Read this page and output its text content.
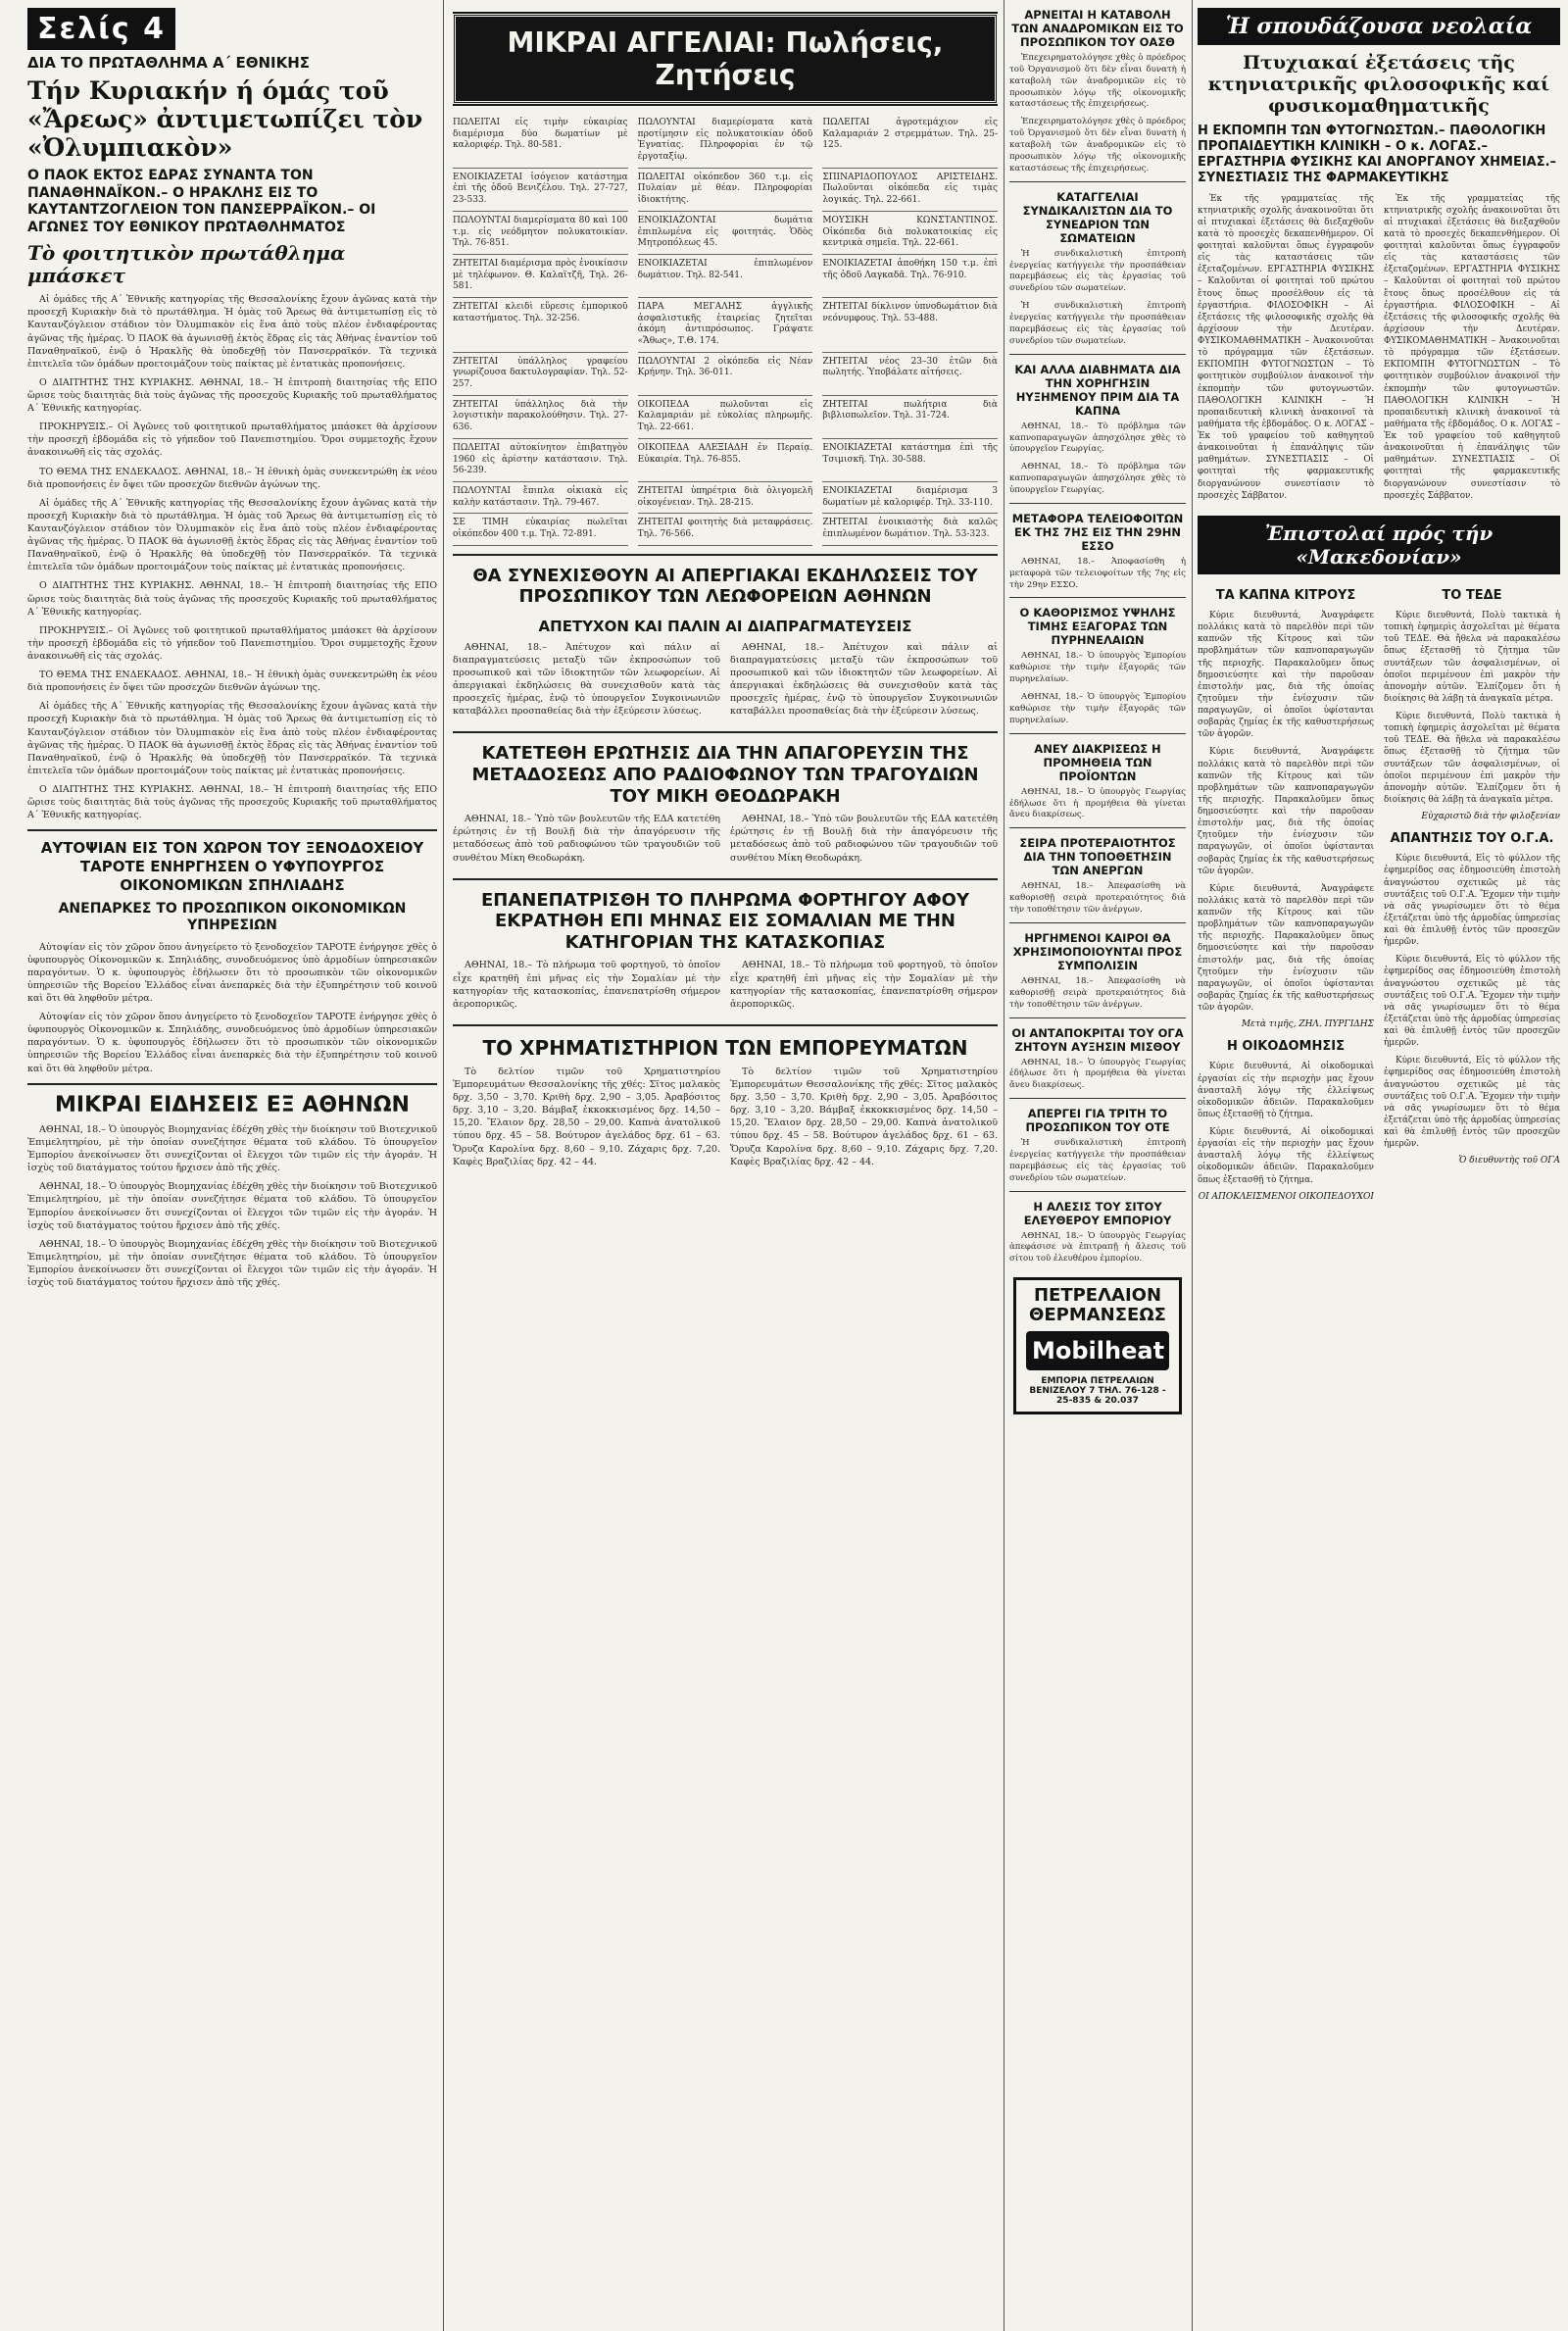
Σελίς 4
ΔΙΑ ΤΟ ΠΡΩΤΑΘΛΗΜΑ Α΄ ΕΘΝΙΚΗΣ
Τήν Κυριακήν ή όμάς τοῦ «Ἄρεως» ἀντιμετωπίζει τὸν «Ὀλυμπιακὸν»
Ο ΠΑΟΚ ΕΚΤΟΣ ΕΔΡΑΣ ΣΥΝΑΝΤΑ ΤΟΝ ΠΑΝΑΘΗΝΑΪΚΟΝ.– Ο ΗΡΑΚΛΗΣ ΕΙΣ ΤΟ ΚΑΥΤΑΝΤΖΟΓΛΕΙΟΝ ΤΟΝ ΠΑΝΣΕΡΡΑΪΚΟΝ.– ΟΙ ΑΓΩΝΕΣ ΤΟΥ ΕΘΝΙΚΟΥ ΠΡΩΤΑΘΛΗΜΑΤΟΣ
Τὸ φοιτητικὸν πρωτάθλημα μπάσκετ

Αἱ ὁμάδες τῆς Α΄ Ἐθνικῆς κατηγορίας τῆς Θεσσαλονίκης ἔχουν ἀγῶνας κατὰ τὴν προσεχῆ Κυριακὴν διὰ τὸ πρωτάθλημα. Ἡ ὁμὰς τοῦ Ἄρεως θὰ ἀντιμετωπίσῃ εἰς τὸ Καυτανζόγλειον στάδιον τὸν Ὀλυμπιακὸν εἰς ἕνα ἀπὸ τοὺς πλέον ἐνδιαφέροντας ἀγῶνας τῆς ἡμέρας. Ὁ ΠΑΟΚ θὰ ἀγωνισθῇ ἐκτὸς ἕδρας εἰς τὰς Ἀθήνας ἐναντίον τοῦ Παναθηναϊκοῦ, ἐνῷ ὁ Ἡρακλῆς θὰ ὑποδεχθῇ τὸν Πανσερραϊκόν. Τὰ τεχνικὰ ἐπιτελεῖα τῶν ὁμάδων προετοιμάζουν τοὺς παίκτας μὲ ἐντατικὰς προπονήσεις.

Ο ΔΙΑΙΤΗΤΗΣ ΤΗΣ ΚΥΡΙΑΚΗΣ. ΑΘΗΝΑΙ, 18.– Ἡ ἐπιτροπὴ διαιτησίας τῆς ΕΠΟ ὥρισε τοὺς διαιτητὰς διὰ τοὺς ἀγῶνας τῆς προσεχοῦς Κυριακῆς τοῦ πρωταθλήματος Α΄ Ἐθνικῆς κατηγορίας.

ΠΡΟΚΗΡΥΞΙΣ.– Οἱ Ἀγῶνες τοῦ φοιτητικοῦ πρωταθλήματος μπάσκετ θὰ ἀρχίσουν τὴν προσεχῆ ἑβδομάδα εἰς τὸ γήπεδον τοῦ Πανεπιστημίου. Ὅροι συμμετοχῆς ἔχουν ἀνακοινωθῆ εἰς τὰς σχολάς.

ΤΟ ΘΕΜΑ ΤΗΣ ΕΝΔΕΚΑΔΟΣ. ΑΘΗΝΑΙ, 18.– Ἡ ἐθνικὴ ὁμὰς συνεκεντρώθη ἐκ νέου διὰ προπονήσεις ἐν ὄψει τῶν προσεχῶν διεθνῶν ἀγώνων της.

Αἱ ὁμάδες τῆς Α΄ Ἐθνικῆς κατηγορίας τῆς Θεσσαλονίκης ἔχουν ἀγῶνας κατὰ τὴν προσεχῆ Κυριακὴν διὰ τὸ πρωτάθλημα. Ἡ ὁμὰς τοῦ Ἄρεως θὰ ἀντιμετωπίσῃ εἰς τὸ Καυτανζόγλειον στάδιον τὸν Ὀλυμπιακὸν εἰς ἕνα ἀπὸ τοὺς πλέον ἐνδιαφέροντας ἀγῶνας τῆς ἡμέρας. Ὁ ΠΑΟΚ θὰ ἀγωνισθῇ ἐκτὸς ἕδρας εἰς τὰς Ἀθήνας ἐναντίον τοῦ Παναθηναϊκοῦ, ἐνῷ ὁ Ἡρακλῆς θὰ ὑποδεχθῇ τὸν Πανσερραϊκόν. Τὰ τεχνικὰ ἐπιτελεῖα τῶν ὁμάδων προετοιμάζουν τοὺς παίκτας μὲ ἐντατικὰς προπονήσεις.

Ο ΔΙΑΙΤΗΤΗΣ ΤΗΣ ΚΥΡΙΑΚΗΣ. ΑΘΗΝΑΙ, 18.– Ἡ ἐπιτροπὴ διαιτησίας τῆς ΕΠΟ ὥρισε τοὺς διαιτητὰς διὰ τοὺς ἀγῶνας τῆς προσεχοῦς Κυριακῆς τοῦ πρωταθλήματος Α΄ Ἐθνικῆς κατηγορίας.

ΠΡΟΚΗΡΥΞΙΣ.– Οἱ Ἀγῶνες τοῦ φοιτητικοῦ πρωταθλήματος μπάσκετ θὰ ἀρχίσουν τὴν προσεχῆ ἑβδομάδα εἰς τὸ γήπεδον τοῦ Πανεπιστημίου. Ὅροι συμμετοχῆς ἔχουν ἀνακοινωθῆ εἰς τὰς σχολάς.

ΤΟ ΘΕΜΑ ΤΗΣ ΕΝΔΕΚΑΔΟΣ. ΑΘΗΝΑΙ, 18.– Ἡ ἐθνικὴ ὁμὰς συνεκεντρώθη ἐκ νέου διὰ προπονήσεις ἐν ὄψει τῶν προσεχῶν διεθνῶν ἀγώνων της.

Αἱ ὁμάδες τῆς Α΄ Ἐθνικῆς κατηγορίας τῆς Θεσσαλονίκης ἔχουν ἀγῶνας κατὰ τὴν προσεχῆ Κυριακὴν διὰ τὸ πρωτάθλημα. Ἡ ὁμὰς τοῦ Ἄρεως θὰ ἀντιμετωπίσῃ εἰς τὸ Καυτανζόγλειον στάδιον τὸν Ὀλυμπιακὸν εἰς ἕνα ἀπὸ τοὺς πλέον ἐνδιαφέροντας ἀγῶνας τῆς ἡμέρας. Ὁ ΠΑΟΚ θὰ ἀγωνισθῇ ἐκτὸς ἕδρας εἰς τὰς Ἀθήνας ἐναντίον τοῦ Παναθηναϊκοῦ, ἐνῷ ὁ Ἡρακλῆς θὰ ὑποδεχθῇ τὸν Πανσερραϊκόν. Τὰ τεχνικὰ ἐπιτελεῖα τῶν ὁμάδων προετοιμάζουν τοὺς παίκτας μὲ ἐντατικὰς προπονήσεις.

Ο ΔΙΑΙΤΗΤΗΣ ΤΗΣ ΚΥΡΙΑΚΗΣ. ΑΘΗΝΑΙ, 18.– Ἡ ἐπιτροπὴ διαιτησίας τῆς ΕΠΟ ὥρισε τοὺς διαιτητὰς διὰ τοὺς ἀγῶνας τῆς προσεχοῦς Κυριακῆς τοῦ πρωταθλήματος Α΄ Ἐθνικῆς κατηγορίας.

ΑΥΤΟΨΙΑΝ ΕΙΣ ΤΟΝ ΧΩΡΟΝ ΤΟΥ ΞΕΝΟΔΟΧΕΙΟΥ ΤΑΡΟΤΕ ΕΝΗΡΓΗΣΕΝ Ο ΥΦΥΠΟΥΡΓΟΣ ΟΙΚΟΝΟΜΙΚΩΝ ΣΠΗΛΙΑΔΗΣ
ΑΝΕΠΑΡΚΕΣ ΤΟ ΠΡΟΣΩΠΙΚΟΝ ΟΙΚΟΝΟΜΙΚΩΝ ΥΠΗΡΕΣΙΩΝ

Αὐτοψίαν εἰς τὸν χῶρον ὅπου ἀνηγείρετο τὸ ξενοδοχεῖον ΤΑΡΟΤΕ ἐνήργησε χθὲς ὁ ὑφυπουργὸς Οἰκονομικῶν κ. Σπηλιάδης, συνοδευόμενος ὑπὸ ἀρμοδίων ὑπηρεσιακῶν παραγόντων. Ὁ κ. ὑφυπουργὸς ἐδήλωσεν ὅτι τὸ προσωπικὸν τῶν οἰκονομικῶν ὑπηρεσιῶν τῆς Βορείου Ἑλλάδος εἶναι ἀνεπαρκὲς διὰ τὴν ἐξυπηρέτησιν τοῦ κοινοῦ καὶ ὅτι θὰ ληφθοῦν μέτρα.

Αὐτοψίαν εἰς τὸν χῶρον ὅπου ἀνηγείρετο τὸ ξενοδοχεῖον ΤΑΡΟΤΕ ἐνήργησε χθὲς ὁ ὑφυπουργὸς Οἰκονομικῶν κ. Σπηλιάδης, συνοδευόμενος ὑπὸ ἀρμοδίων ὑπηρεσιακῶν παραγόντων. Ὁ κ. ὑφυπουργὸς ἐδήλωσεν ὅτι τὸ προσωπικὸν τῶν οἰκονομικῶν ὑπηρεσιῶν τῆς Βορείου Ἑλλάδος εἶναι ἀνεπαρκὲς διὰ τὴν ἐξυπηρέτησιν τοῦ κοινοῦ καὶ ὅτι θὰ ληφθοῦν μέτρα.

ΜΙΚΡΑΙ ΕΙΔΗΣΕΙΣ ΕΞ ΑΘΗΝΩΝ

ΑΘΗΝΑΙ, 18.– Ὁ ὑπουργὸς Βιομηχανίας ἐδέχθη χθὲς τὴν διοίκησιν τοῦ Βιοτεχνικοῦ Ἐπιμελητηρίου, μὲ τὴν ὁποίαν συνεζήτησε θέματα τοῦ κλάδου. Τὸ ὑπουργεῖον Ἐμπορίου ἀνεκοίνωσεν ὅτι συνεχίζονται οἱ ἔλεγχοι τῶν τιμῶν εἰς τὴν ἀγοράν. Ἡ ἰσχὺς τοῦ διατάγματος τούτου ἤρχισεν ἀπὸ τῆς χθές.

ΑΘΗΝΑΙ, 18.– Ὁ ὑπουργὸς Βιομηχανίας ἐδέχθη χθὲς τὴν διοίκησιν τοῦ Βιοτεχνικοῦ Ἐπιμελητηρίου, μὲ τὴν ὁποίαν συνεζήτησε θέματα τοῦ κλάδου. Τὸ ὑπουργεῖον Ἐμπορίου ἀνεκοίνωσεν ὅτι συνεχίζονται οἱ ἔλεγχοι τῶν τιμῶν εἰς τὴν ἀγοράν. Ἡ ἰσχὺς τοῦ διατάγματος τούτου ἤρχισεν ἀπὸ τῆς χθές.

ΑΘΗΝΑΙ, 18.– Ὁ ὑπουργὸς Βιομηχανίας ἐδέχθη χθὲς τὴν διοίκησιν τοῦ Βιοτεχνικοῦ Ἐπιμελητηρίου, μὲ τὴν ὁποίαν συνεζήτησε θέματα τοῦ κλάδου. Τὸ ὑπουργεῖον Ἐμπορίου ἀνεκοίνωσεν ὅτι συνεχίζονται οἱ ἔλεγχοι τῶν τιμῶν εἰς τὴν ἀγοράν. Ἡ ἰσχὺς τοῦ διατάγματος τούτου ἤρχισεν ἀπὸ τῆς χθές.

ΜΙΚΡΑΙ ΑΓΓΕΛΙΑΙ: Πωλήσεις, Ζητήσεις
ΠΩΛΕΙΤΑΙ εἰς τιμὴν εὐκαιρίας διαμέρισμα δύο δωματίων μὲ καλοριφέρ. Τηλ. 80-581.
ΠΩΛΟΥΝΤΑΙ διαμερίσματα κατὰ προτίμησιν εἰς πολυκατοικίαν ὁδοῦ Ἐγνατίας. Πληροφορίαι ἐν τῷ ἐργοταξίῳ.
ΠΩΛΕΙΤΑΙ ἀγροτεμάχιον εἰς Καλαμαριάν 2 στρεμμάτων. Τηλ. 25-125.
ΕΝΟΙΚΙΑΖΕΤΑΙ ἰσόγειον κατάστημα ἐπὶ τῆς ὁδοῦ Βενιζέλου. Τηλ. 27-727, 23-533.
ΠΩΛΕΙΤΑΙ οἰκόπεδον 360 τ.μ. εἰς Πυλαίαν μὲ θέαν. Πληροφορίαι ἰδιοκτήτης.
ΣΠΙΝΑΡΙΔΟΠΟΥΛΟΣ ΑΡΙΣΤΕΙΔΗΣ. Πωλοῦνται οἰκόπεδα εἰς τιμὰς λογικάς. Τηλ. 22-661.
ΠΩΛΟΥΝΤΑΙ διαμερίσματα 80 καὶ 100 τ.μ. εἰς νεόδμητον πολυκατοικίαν. Τηλ. 76-851.
ΕΝΟΙΚΙΑΖΟΝΤΑΙ δωμάτια ἐπιπλωμένα εἰς φοιτητάς. Ὁδὸς Μητροπόλεως 45.
ΜΟΥΣΙΚΗ ΚΩΝΣΤΑΝΤΙΝΟΣ. Οἰκόπεδα διὰ πολυκατοικίας εἰς κεντρικὰ σημεῖα. Τηλ. 22-661.
ΖΗΤΕΙΤΑΙ διαμέρισμα πρὸς ἐνοικίασιν μὲ τηλέφωνον. Θ. Καλαϊτζῆ, Τηλ. 26-581.
ΕΝΟΙΚΙΑΖΕΤΑΙ ἐπιπλωμένον δωμάτιον. Τηλ. 82-541.
ΕΝΟΙΚΙΑΖΕΤΑΙ ἀποθήκη 150 τ.μ. ἐπὶ τῆς ὁδοῦ Λαγκαδᾶ. Τηλ. 76-910.
ΖΗΤΕΙΤΑΙ κλειδὶ εὕρεσις ἐμπορικοῦ καταστήματος. Τηλ. 32-256.
ΠΑΡΑ ΜΕΓΑΛΗΣ ἀγγλικῆς ἀσφαλιστικῆς ἐταιρείας ζητεῖται ἀκόμη ἀντιπρόσωπος. Γράψατε «Ἄθως», Τ.Θ. 174.
ΖΗΤΕΙΤΑΙ δίκλινον ὑπνοδωμάτιον διὰ νεόνυμφους. Τηλ. 53-488.
ΖΗΤΕΙΤΑΙ ὑπάλληλος γραφείου γνωρίζουσα δακτυλογραφίαν. Τηλ. 52-257.
ΠΩΛΟΥΝΤΑΙ 2 οἰκόπεδα εἰς Νέαν Κρήνην. Τηλ. 36-011.
ΖΗΤΕΙΤΑΙ νέος 23–30 ἐτῶν διὰ πωλητής. Ὑποβάλατε αἰτήσεις.
ΖΗΤΕΙΤΑΙ ὑπάλληλος διὰ τὴν λογιστικὴν παρακολούθησιν. Τηλ. 27-636.
ΟΙΚΟΠΕΔΑ πωλοῦνται εἰς Καλαμαριάν μὲ εὐκολίας πληρωμῆς. Τηλ. 22-661.
ΖΗΤΕΙΤΑΙ πωλήτρια διὰ βιβλιοπωλεῖον. Τηλ. 31-724.
ΠΩΛΕΙΤΑΙ αὐτοκίνητον ἐπιβατηγὸν 1960 εἰς ἀρίστην κατάστασιν. Τηλ. 56-239.
ΟΙΚΟΠΕΔΑ ΑΛΕΞΙΑΔΗ ἐν Περαίᾳ. Εὐκαιρία. Τηλ. 76-855.
ΕΝΟΙΚΙΑΖΕΤΑΙ κατάστημα ἐπὶ τῆς Τσιμισκῆ. Τηλ. 30-588.
ΠΩΛΟΥΝΤΑΙ ἔπιπλα οἰκιακὰ εἰς καλὴν κατάστασιν. Τηλ. 79-467.
ΖΗΤΕΙΤΑΙ ὑπηρέτρια διὰ ὀλιγομελῆ οἰκογένειαν. Τηλ. 28-215.
ΕΝΟΙΚΙΑΖΕΤΑΙ διαμέρισμα 3 δωματίων μὲ καλοριφέρ. Τηλ. 33-110.
ΣΕ ΤΙΜΗ εὐκαιρίας πωλεῖται οἰκόπεδον 400 τ.μ. Τηλ. 72-891.
ΖΗΤΕΙΤΑΙ φοιτητὴς διὰ μεταφράσεις. Τηλ. 76-566.
ΖΗΤΕΙΤΑΙ ἐνοικιαστὴς διὰ καλῶς ἐπιπλωμένον δωμάτιον. Τηλ. 53-323.
ΘΑ ΣΥΝΕΧΙΣΘΟΥΝ ΑΙ ΑΠΕΡΓΙΑΚΑΙ ΕΚΔΗΛΩΣΕΙΣ ΤΟΥ ΠΡΟΣΩΠΙΚΟΥ ΤΩΝ ΛΕΩΦΟΡΕΙΩΝ ΑΘΗΝΩΝ
ΑΠΕΤΥΧΟΝ ΚΑΙ ΠΑΛΙΝ ΑΙ ΔΙΑΠΡΑΓΜΑΤΕΥΣΕΙΣ

ΑΘΗΝΑΙ, 18.– Ἀπέτυχον καὶ πάλιν αἱ διαπραγματεύσεις μεταξὺ τῶν ἐκπροσώπων τοῦ προσωπικοῦ καὶ τῶν ἰδιοκτητῶν τῶν λεωφορείων. Αἱ ἀπεργιακαὶ ἐκδηλώσεις θὰ συνεχισθοῦν κατὰ τὰς προσεχεῖς ἡμέρας, ἐνῷ τὸ ὑπουργεῖον Συγκοινωνιῶν καταβάλλει προσπαθείας διὰ τὴν ἐξεύρεσιν λύσεως.

ΑΘΗΝΑΙ, 18.– Ἀπέτυχον καὶ πάλιν αἱ διαπραγματεύσεις μεταξὺ τῶν ἐκπροσώπων τοῦ προσωπικοῦ καὶ τῶν ἰδιοκτητῶν τῶν λεωφορείων. Αἱ ἀπεργιακαὶ ἐκδηλώσεις θὰ συνεχισθοῦν κατὰ τὰς προσεχεῖς ἡμέρας, ἐνῷ τὸ ὑπουργεῖον Συγκοινωνιῶν καταβάλλει προσπαθείας διὰ τὴν ἐξεύρεσιν λύσεως.

ΚΑΤΕΤΕΘΗ ΕΡΩΤΗΣΙΣ ΔΙΑ ΤΗΝ ΑΠΑΓΟΡΕΥΣΙΝ ΤΗΣ ΜΕΤΑΔΟΣΕΩΣ ΑΠΟ ΡΑΔΙΟΦΩΝΟΥ ΤΩΝ ΤΡΑΓΟΥΔΙΩΝ ΤΟΥ ΜΙΚΗ ΘΕΟΔΩΡΑΚΗ

ΑΘΗΝΑΙ, 18.– Ὑπὸ τῶν βουλευτῶν τῆς ΕΔΑ κατετέθη ἐρώτησις ἐν τῇ Βουλῇ διὰ τὴν ἀπαγόρευσιν τῆς μεταδόσεως ἀπὸ τοῦ ραδιοφώνου τῶν τραγουδιῶν τοῦ συνθέτου Μίκη Θεοδωράκη.

ΑΘΗΝΑΙ, 18.– Ὑπὸ τῶν βουλευτῶν τῆς ΕΔΑ κατετέθη ἐρώτησις ἐν τῇ Βουλῇ διὰ τὴν ἀπαγόρευσιν τῆς μεταδόσεως ἀπὸ τοῦ ραδιοφώνου τῶν τραγουδιῶν τοῦ συνθέτου Μίκη Θεοδωράκη.

ΕΠΑΝΕΠΑΤΡΙΣΘΗ ΤΟ ΠΛΗΡΩΜΑ ΦΟΡΤΗΓΟΥ ΑΦΟΥ ΕΚΡΑΤΗΘΗ ΕΠΙ ΜΗΝΑΣ ΕΙΣ ΣΟΜΑΛΙΑΝ ΜΕ ΤΗΝ ΚΑΤΗΓΟΡΙΑΝ ΤΗΣ ΚΑΤΑΣΚΟΠΙΑΣ

ΑΘΗΝΑΙ, 18.– Τὸ πλήρωμα τοῦ φορτηγοῦ, τὸ ὁποῖον εἶχε κρατηθῆ ἐπὶ μῆνας εἰς τὴν Σομαλίαν μὲ τὴν κατηγορίαν τῆς κατασκοπίας, ἐπανεπατρίσθη σήμερον ἀεροπορικῶς.

ΑΘΗΝΑΙ, 18.– Τὸ πλήρωμα τοῦ φορτηγοῦ, τὸ ὁποῖον εἶχε κρατηθῆ ἐπὶ μῆνας εἰς τὴν Σομαλίαν μὲ τὴν κατηγορίαν τῆς κατασκοπίας, ἐπανεπατρίσθη σήμερον ἀεροπορικῶς.

ΤΟ ΧΡΗΜΑΤΙΣΤΗΡΙΟΝ ΤΩΝ ΕΜΠΟΡΕΥΜΑΤΩΝ

Τὸ δελτίον τιμῶν τοῦ Χρηματιστηρίου Ἐμπορευμάτων Θεσσαλονίκης τῆς χθές: Σῖτος μαλακὸς δρχ. 3,50 – 3,70. Κριθὴ δρχ. 2,90 – 3,05. Ἀραβόσιτος δρχ. 3,10 – 3,20. Βάμβαξ ἐκκοκκισμένος δρχ. 14,50 – 15,20. Ἔλαιον δρχ. 28,50 – 29,00. Καπνὰ ἀνατολικοῦ τύπου δρχ. 45 – 58. Βούτυρον ἀγελάδος δρχ. 61 – 63. Ὄρυζα Καρολίνα δρχ. 8,60 – 9,10. Ζάχαρις δρχ. 7,20. Καφὲς Βραζιλίας δρχ. 42 – 44.

Τὸ δελτίον τιμῶν τοῦ Χρηματιστηρίου Ἐμπορευμάτων Θεσσαλονίκης τῆς χθές: Σῖτος μαλακὸς δρχ. 3,50 – 3,70. Κριθὴ δρχ. 2,90 – 3,05. Ἀραβόσιτος δρχ. 3,10 – 3,20. Βάμβαξ ἐκκοκκισμένος δρχ. 14,50 – 15,20. Ἔλαιον δρχ. 28,50 – 29,00. Καπνὰ ἀνατολικοῦ τύπου δρχ. 45 – 58. Βούτυρον ἀγελάδος δρχ. 61 – 63. Ὄρυζα Καρολίνα δρχ. 8,60 – 9,10. Ζάχαρις δρχ. 7,20. Καφὲς Βραζιλίας δρχ. 42 – 44.

ΑΡΝΕΙΤΑΙ Η ΚΑΤΑΒΟΛΗ ΤΩΝ ΑΝΑΔΡΟΜΙΚΩΝ ΕΙΣ ΤΟ ΠΡΟΣΩΠΙΚΟΝ ΤΟΥ ΟΑΣΘ

Ἐπεχειρηματολόγησε χθὲς ὁ πρόεδρος τοῦ Ὀργανισμοῦ ὅτι δὲν εἶναι δυνατὴ ἡ καταβολὴ τῶν ἀναδρομικῶν εἰς τὸ προσωπικὸν λόγῳ τῆς οἰκονομικῆς καταστάσεως τῆς ἐπιχειρήσεως.

Ἐπεχειρηματολόγησε χθὲς ὁ πρόεδρος τοῦ Ὀργανισμοῦ ὅτι δὲν εἶναι δυνατὴ ἡ καταβολὴ τῶν ἀναδρομικῶν εἰς τὸ προσωπικὸν λόγῳ τῆς οἰκονομικῆς καταστάσεως τῆς ἐπιχειρήσεως.

ΚΑΤΑΓΓΕΛΙΑΙ ΣΥΝΔΙΚΑΛΙΣΤΩΝ ΔΙΑ ΤΟ ΣΥΝΕΔΡΙΟΝ ΤΩΝ ΣΩΜΑΤΕΙΩΝ

Ἡ συνδικαλιστικὴ ἐπιτροπὴ ἐνεργείας κατήγγειλε τὴν προσπάθειαν παρεμβάσεως εἰς τὰς ἐργασίας τοῦ συνεδρίου τῶν σωματείων.

Ἡ συνδικαλιστικὴ ἐπιτροπὴ ἐνεργείας κατήγγειλε τὴν προσπάθειαν παρεμβάσεως εἰς τὰς ἐργασίας τοῦ συνεδρίου τῶν σωματείων.

ΚΑΙ ΑΛΛΑ ΔΙΑΒΗΜΑΤΑ ΔΙΑ ΤΗΝ ΧΟΡΗΓΗΣΙΝ ΗΥΞΗΜΕΝΟΥ ΠΡΙΜ ΔΙΑ ΤΑ ΚΑΠΝΑ

ΑΘΗΝΑΙ, 18.– Τὸ πρόβλημα τῶν καπνοπαραγωγῶν ἀπησχόλησε χθὲς τὸ ὑπουργεῖον Γεωργίας.

ΑΘΗΝΑΙ, 18.– Τὸ πρόβλημα τῶν καπνοπαραγωγῶν ἀπησχόλησε χθὲς τὸ ὑπουργεῖον Γεωργίας.

ΜΕΤΑΦΟΡΑ ΤΕΛΕΙΟΦΟΙΤΩΝ ΕΚ ΤΗΣ 7ΗΣ ΕΙΣ ΤΗΝ 29ΗΝ ΕΣΣΟ

ΑΘΗΝΑΙ, 18.– Ἀποφασίσθη ἡ μεταφορὰ τῶν τελειοφοίτων τῆς 7ης εἰς τὴν 29ην ΕΣΣΟ.

Ο ΚΑΘΟΡΙΣΜΟΣ ΥΨΗΛΗΣ ΤΙΜΗΣ ΕΞΑΓΟΡΑΣ ΤΩΝ ΠΥΡΗΝΕΛΑΙΩΝ

ΑΘΗΝΑΙ, 18.– Ὁ ὑπουργὸς Ἐμπορίου καθώρισε τὴν τιμὴν ἐξαγορᾶς τῶν πυρηνελαίων.

ΑΘΗΝΑΙ, 18.– Ὁ ὑπουργὸς Ἐμπορίου καθώρισε τὴν τιμὴν ἐξαγορᾶς τῶν πυρηνελαίων.

ΑΝΕΥ ΔΙΑΚΡΙΣΕΩΣ Η ΠΡΟΜΗΘΕΙΑ ΤΩΝ ΠΡΟΪΟΝΤΩΝ

ΑΘΗΝΑΙ, 18.– Ὁ ὑπουργὸς Γεωργίας ἐδήλωσε ὅτι ἡ προμήθεια θὰ γίνεται ἄνευ διακρίσεως.

ΣΕΙΡΑ ΠΡΟΤΕΡΑΙΟΤΗΤΟΣ ΔΙΑ ΤΗΝ ΤΟΠΟΘΕΤΗΣΙΝ ΤΩΝ ΑΝΕΡΓΩΝ

ΑΘΗΝΑΙ, 18.– Ἀπεφασίσθη νὰ καθορισθῇ σειρὰ προτεραιότητος διὰ τὴν τοποθέτησιν τῶν ἀνέργων.

ΗΡΓΗΜΕΝΟΙ ΚΑΙΡΟΙ ΘΑ ΧΡΗΣΙΜΟΠΟΙΟΥΝΤΑΙ ΠΡΟΣ ΣΥΜΠΟΛΙΣΙΝ

ΑΘΗΝΑΙ, 18.– Ἀπεφασίσθη νὰ καθορισθῇ σειρὰ προτεραιότητος διὰ τὴν τοποθέτησιν τῶν ἀνέργων.

ΟΙ ΑΝΤΑΠΟΚΡΙΤΑΙ ΤΟΥ ΟΓΑ ΖΗΤΟΥΝ ΑΥΞΗΣΙΝ ΜΙΣΘΟΥ

ΑΘΗΝΑΙ, 18.– Ὁ ὑπουργὸς Γεωργίας ἐδήλωσε ὅτι ἡ προμήθεια θὰ γίνεται ἄνευ διακρίσεως.

ΑΠΕΡΓΕΙ ΓΙΑ ΤΡΙΤΗ ΤΟ ΠΡΟΣΩΠΙΚΟΝ ΤΟΥ ΟΤΕ

Ἡ συνδικαλιστικὴ ἐπιτροπὴ ἐνεργείας κατήγγειλε τὴν προσπάθειαν παρεμβάσεως εἰς τὰς ἐργασίας τοῦ συνεδρίου τῶν σωματείων.

Η ΑΛΕΣΙΣ ΤΟΥ ΣΙΤΟΥ ΕΛΕΥΘΕΡΟΥ ΕΜΠΟΡΙΟΥ

ΑΘΗΝΑΙ, 18.– Ὁ ὑπουργὸς Γεωργίας ἀπεφάσισε νὰ ἐπιτραπῇ ἡ ἄλεσις τοῦ σίτου τοῦ ἐλευθέρου ἐμπορίου.

ΠΕΤΡΕΛΑΙΟΝ ΘΕΡΜΑΝΣΕΩΣ
Mobilheat
ΕΜΠΟΡΙΑ ΠΕΤΡΕΛΑΙΩΝ ΒΕΝΙΖΕΛΟΥ 7 ΤΗΛ. 76-128 - 25-835 & 20.037
Ἡ σπουδάζουσα νεολαία
Πτυχιακαί ἐξετάσεις τῆς κτηνιατρικῆς φιλοσοφικῆς καί φυσικομαθηματικῆς
Η ΕΚΠΟΜΠΗ ΤΩΝ ΦΥΤΟΓΝΩΣΤΩΝ.– ΠΑΘΟΛΟΓΙΚΗ ΠΡΟΠΑΙΔΕΥΤΙΚΗ ΚΛΙΝΙΚΗ – Ο κ. ΛΟΓΑΣ.– ΕΡΓΑΣΤΗΡΙΑ ΦΥΣΙΚΗΣ ΚΑΙ ΑΝΟΡΓΑΝΟΥ ΧΗΜΕΙΑΣ.– ΣΥΝΕΣΤΙΑΣΙΣ ΤΗΣ ΦΑΡΜΑΚΕΥΤΙΚΗΣ

Ἐκ τῆς γραμματείας τῆς κτηνιατρικῆς σχολῆς ἀνακοινοῦται ὅτι αἱ πτυχιακαὶ ἐξετάσεις θὰ διεξαχθοῦν κατὰ τὸ προσεχὲς δεκαπενθήμερον. Οἱ φοιτηταὶ καλοῦνται ὅπως ἐγγραφοῦν εἰς τὰς καταστάσεις τῶν ἐξεταζομένων. ΕΡΓΑΣΤΗΡΙΑ ΦΥΣΙΚΗΣ – Καλοῦνται οἱ φοιτηταὶ τοῦ πρώτου ἔτους ὅπως προσέλθουν εἰς τὰ ἐργαστήρια. ΦΙΛΟΣΟΦΙΚΗ – Αἱ ἐξετάσεις τῆς φιλοσοφικῆς σχολῆς θὰ ἀρχίσουν τὴν Δευτέραν. ΦΥΣΙΚΟΜΑΘΗΜΑΤΙΚΗ – Ἀνακοινοῦται τὸ πρόγραμμα τῶν ἐξετάσεων. ΕΚΠΟΜΠΗ ΦΥΤΟΓΝΩΣΤΩΝ – Τὸ φοιτητικὸν συμβούλιον ἀνακοινοῖ τὴν ἐκπομπὴν τῶν φυτογνωστῶν. ΠΑΘΟΛΟΓΙΚΗ ΚΛΙΝΙΚΗ – Ἡ προπαιδευτικὴ κλινικὴ ἀνακοινοῖ τὰ μαθήματα τῆς ἑβδομάδος. Ο κ. ΛΟΓΑΣ – Ἐκ τοῦ γραφείου τοῦ καθηγητοῦ ἀνακοινοῦται ἡ ἐπανάληψις τῶν μαθημάτων. ΣΥΝΕΣΤΙΑΣΙΣ – Οἱ φοιτηταὶ τῆς φαρμακευτικῆς διοργανώνουν συνεστίασιν τὸ προσεχὲς Σάββατον.

Ἐκ τῆς γραμματείας τῆς κτηνιατρικῆς σχολῆς ἀνακοινοῦται ὅτι αἱ πτυχιακαὶ ἐξετάσεις θὰ διεξαχθοῦν κατὰ τὸ προσεχὲς δεκαπενθήμερον. Οἱ φοιτηταὶ καλοῦνται ὅπως ἐγγραφοῦν εἰς τὰς καταστάσεις τῶν ἐξεταζομένων. ΕΡΓΑΣΤΗΡΙΑ ΦΥΣΙΚΗΣ – Καλοῦνται οἱ φοιτηταὶ τοῦ πρώτου ἔτους ὅπως προσέλθουν εἰς τὰ ἐργαστήρια. ΦΙΛΟΣΟΦΙΚΗ – Αἱ ἐξετάσεις τῆς φιλοσοφικῆς σχολῆς θὰ ἀρχίσουν τὴν Δευτέραν. ΦΥΣΙΚΟΜΑΘΗΜΑΤΙΚΗ – Ἀνακοινοῦται τὸ πρόγραμμα τῶν ἐξετάσεων. ΕΚΠΟΜΠΗ ΦΥΤΟΓΝΩΣΤΩΝ – Τὸ φοιτητικὸν συμβούλιον ἀνακοινοῖ τὴν ἐκπομπὴν τῶν φυτογνωστῶν. ΠΑΘΟΛΟΓΙΚΗ ΚΛΙΝΙΚΗ – Ἡ προπαιδευτικὴ κλινικὴ ἀνακοινοῖ τὰ μαθήματα τῆς ἑβδομάδος. Ο κ. ΛΟΓΑΣ – Ἐκ τοῦ γραφείου τοῦ καθηγητοῦ ἀνακοινοῦται ἡ ἐπανάληψις τῶν μαθημάτων. ΣΥΝΕΣΤΙΑΣΙΣ – Οἱ φοιτηταὶ τῆς φαρμακευτικῆς διοργανώνουν συνεστίασιν τὸ προσεχὲς Σάββατον.

Ἐπιστολαί πρός τήν «Μακεδονίαν»
ΤΑ ΚΑΠΝΑ ΚΙΤΡΟΥΣ

Κύριε διευθυντά, Ἀναγράφετε πολλάκις κατὰ τὸ παρελθὸν περὶ τῶν καπνῶν τῆς Κίτρους καὶ τῶν προβλημάτων τῶν καπνοπαραγωγῶν τῆς περιοχῆς. Παρακαλοῦμεν ὅπως δημοσιεύσητε καὶ τὴν παροῦσαν ἐπιστολήν μας, διὰ τῆς ὁποίας ζητοῦμεν τὴν ἐνίσχυσιν τῶν παραγωγῶν, οἱ ὁποῖοι ὑφίστανται σοβαρὰς ζημίας ἐκ τῆς καθυστερήσεως τῶν ἀγορῶν.

Κύριε διευθυντά, Ἀναγράφετε πολλάκις κατὰ τὸ παρελθὸν περὶ τῶν καπνῶν τῆς Κίτρους καὶ τῶν προβλημάτων τῶν καπνοπαραγωγῶν τῆς περιοχῆς. Παρακαλοῦμεν ὅπως δημοσιεύσητε καὶ τὴν παροῦσαν ἐπιστολήν μας, διὰ τῆς ὁποίας ζητοῦμεν τὴν ἐνίσχυσιν τῶν παραγωγῶν, οἱ ὁποῖοι ὑφίστανται σοβαρὰς ζημίας ἐκ τῆς καθυστερήσεως τῶν ἀγορῶν.

Κύριε διευθυντά, Ἀναγράφετε πολλάκις κατὰ τὸ παρελθὸν περὶ τῶν καπνῶν τῆς Κίτρους καὶ τῶν προβλημάτων τῶν καπνοπαραγωγῶν τῆς περιοχῆς. Παρακαλοῦμεν ὅπως δημοσιεύσητε καὶ τὴν παροῦσαν ἐπιστολήν μας, διὰ τῆς ὁποίας ζητοῦμεν τὴν ἐνίσχυσιν τῶν παραγωγῶν, οἱ ὁποῖοι ὑφίστανται σοβαρὰς ζημίας ἐκ τῆς καθυστερήσεως τῶν ἀγορῶν.

Μετὰ τιμῆς, ΖΗΛ. ΠΥΡΓΙΔΗΣ
Η ΟΙΚΟΔΟΜΗΣΙΣ

Κύριε διευθυντά, Αἱ οἰκοδομικαὶ ἐργασίαι εἰς τὴν περιοχὴν μας ἔχουν ἀνασταλῆ λόγῳ τῆς ἐλλείψεως οἰκοδομικῶν ἀδειῶν. Παρακαλοῦμεν ὅπως ἐξετασθῇ τὸ ζήτημα.

Κύριε διευθυντά, Αἱ οἰκοδομικαὶ ἐργασίαι εἰς τὴν περιοχὴν μας ἔχουν ἀνασταλῆ λόγῳ τῆς ἐλλείψεως οἰκοδομικῶν ἀδειῶν. Παρακαλοῦμεν ὅπως ἐξετασθῇ τὸ ζήτημα.

ΟΙ ΑΠΟΚΛΕΙΣΜΕΝΟΙ ΟΙΚΟΠΕΔΟΥΧΟΙ
ΤΟ ΤΕΔΕ

Κύριε διευθυντά, Πολὺ τακτικὰ ἡ τοπικὴ ἐφημερὶς ἀσχολεῖται μὲ θέματα τοῦ ΤΕΔΕ. Θὰ ἤθελα νὰ παρακαλέσω ὅπως ἐξετασθῇ τὸ ζήτημα τῶν συντάξεων τῶν ἀσφαλισμένων, οἱ ὁποῖοι περιμένουν ἐπὶ μακρὸν τὴν ἀπονομὴν αὐτῶν. Ἐλπίζομεν ὅτι ἡ διοίκησις θὰ λάβῃ τὰ ἀναγκαῖα μέτρα.

Κύριε διευθυντά, Πολὺ τακτικὰ ἡ τοπικὴ ἐφημερὶς ἀσχολεῖται μὲ θέματα τοῦ ΤΕΔΕ. Θὰ ἤθελα νὰ παρακαλέσω ὅπως ἐξετασθῇ τὸ ζήτημα τῶν συντάξεων τῶν ἀσφαλισμένων, οἱ ὁποῖοι περιμένουν ἐπὶ μακρὸν τὴν ἀπονομὴν αὐτῶν. Ἐλπίζομεν ὅτι ἡ διοίκησις θὰ λάβῃ τὰ ἀναγκαῖα μέτρα.

Εὐχαριστῶ διὰ τὴν φιλοξενίαν
ΑΠΑΝΤΗΣΙΣ ΤΟΥ Ο.Γ.Α.

Κύριε διευθυντά, Εἰς τὸ φύλλον τῆς ἐφημερίδος σας ἐδημοσιεύθη ἐπιστολὴ ἀναγνώστου σχετικῶς μὲ τὰς συντάξεις τοῦ Ο.Γ.Α. Ἔχομεν τὴν τιμὴν νὰ σᾶς γνωρίσωμεν ὅτι τὸ θέμα ἐξετάζεται ὑπὸ τῆς ἁρμοδίας ὑπηρεσίας καὶ θὰ ἐπιλυθῇ ἐντὸς τῶν προσεχῶν ἡμερῶν.

Κύριε διευθυντά, Εἰς τὸ φύλλον τῆς ἐφημερίδος σας ἐδημοσιεύθη ἐπιστολὴ ἀναγνώστου σχετικῶς μὲ τὰς συντάξεις τοῦ Ο.Γ.Α. Ἔχομεν τὴν τιμὴν νὰ σᾶς γνωρίσωμεν ὅτι τὸ θέμα ἐξετάζεται ὑπὸ τῆς ἁρμοδίας ὑπηρεσίας καὶ θὰ ἐπιλυθῇ ἐντὸς τῶν προσεχῶν ἡμερῶν.

Κύριε διευθυντά, Εἰς τὸ φύλλον τῆς ἐφημερίδος σας ἐδημοσιεύθη ἐπιστολὴ ἀναγνώστου σχετικῶς μὲ τὰς συντάξεις τοῦ Ο.Γ.Α. Ἔχομεν τὴν τιμὴν νὰ σᾶς γνωρίσωμεν ὅτι τὸ θέμα ἐξετάζεται ὑπὸ τῆς ἁρμοδίας ὑπηρεσίας καὶ θὰ ἐπιλυθῇ ἐντὸς τῶν προσεχῶν ἡμερῶν.

Ὁ διευθυντὴς τοῦ ΟΓΑ
